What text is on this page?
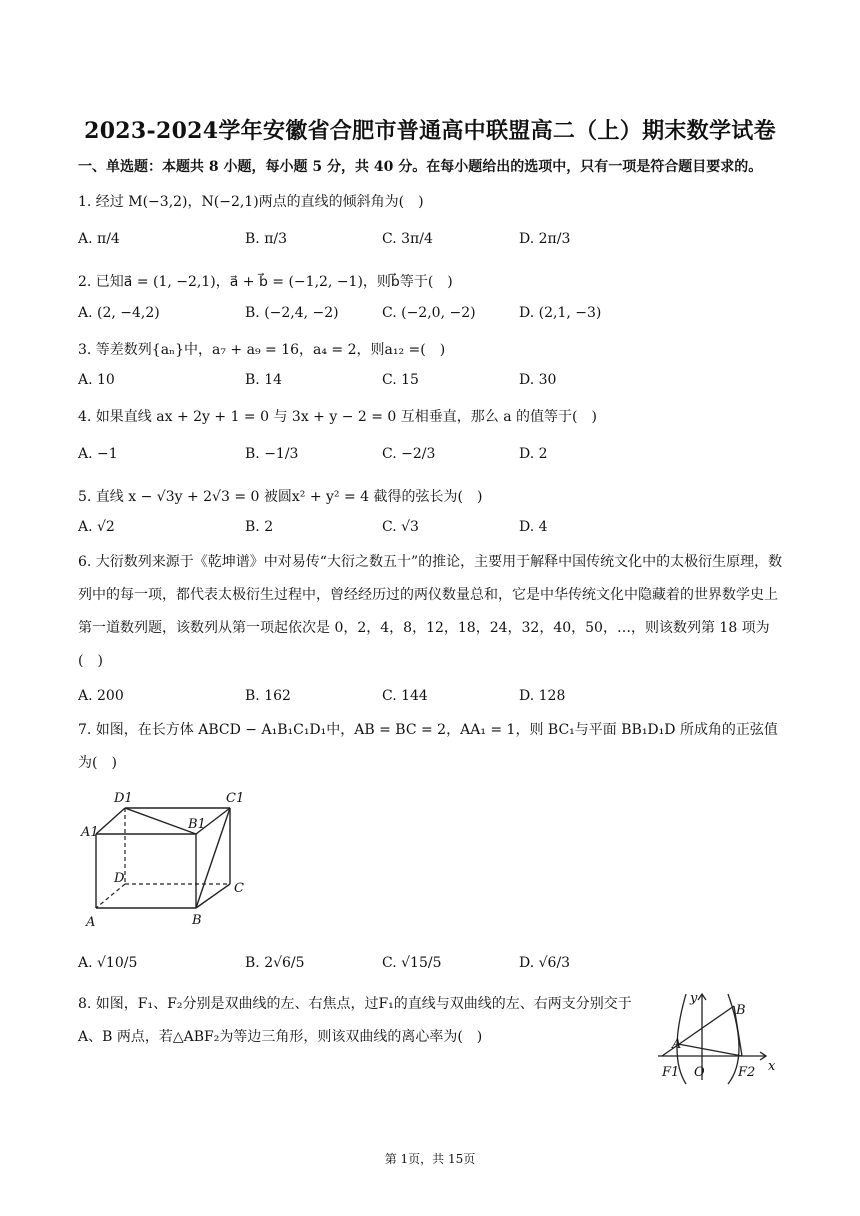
2023-2024学年安徽省合肥市普通高中联盟高二（上）期末数学试卷
一、单选题：本题共 8 小题，每小题 5 分，共 40 分。在每小题给出的选项中，只有一项是符合题目要求的。
1. 经过 M(−3,2)，N(−2,1)两点的直线的倾斜角为(　)
A. π/4	B. π/3	C. 3π/4	D. 2π/3
2. 已知a⃗ = (1, −2,1)，a⃗ + b⃗ = (−1,2, −1)，则b⃗等于(　)
A. (2, −4,2)	B. (−2,4, −2)	C. (−2,0, −2)	D. (2,1, −3)
3. 等差数列{aₙ}中，a₇ + a₉ = 16，a₄ = 2，则a₁₂ =(　)
A. 10	B. 14	C. 15	D. 30
4. 如果直线 ax + 2y + 1 = 0 与 3x + y − 2 = 0 互相垂直，那么 a 的值等于(　)
A. −1	B. −1/3	C. −2/3	D. 2
5. 直线 x − √3y + 2√3 = 0 被圆x² + y² = 4 截得的弦长为(　)
A. √2	B. 2	C. √3	D. 4
6. 大衍数列来源于《乾坤谱》中对易传“大衍之数五十”的推论，主要用于解释中国传统文化中的太极衍生原理，数列中的每一项，都代表太极衍生过程中，曾经经历过的两仪数量总和，它是中华传统文化中隐藏着的世界数学史上第一道数列题，该数列从第一项起依次是 0，2，4，8，12，18，24，32，40，50，…，则该数列第 18 项为(　)
A. 200	B. 162	C. 144	D. 128
7. 如图，在长方体 ABCD − A₁B₁C₁D₁中，AB = BC = 2，AA₁ = 1，则 BC₁与平面 BB₁D₁D 所成角的正弦值为(　)
D1	C1
A1
B1
D
C
A	B
A. √10/5	B. 2√6/5	C. √15/5	D. √6/3
8. 如图，F₁、F₂分别是双曲线的左、右焦点，过F₁的直线与双曲线的左、右两支分别交于 A、B 两点，若△ABF₂为等边三角形，则该双曲线的离心率为(　)
y
B
A
F1 O	F2 x
第 1页，共 15页
